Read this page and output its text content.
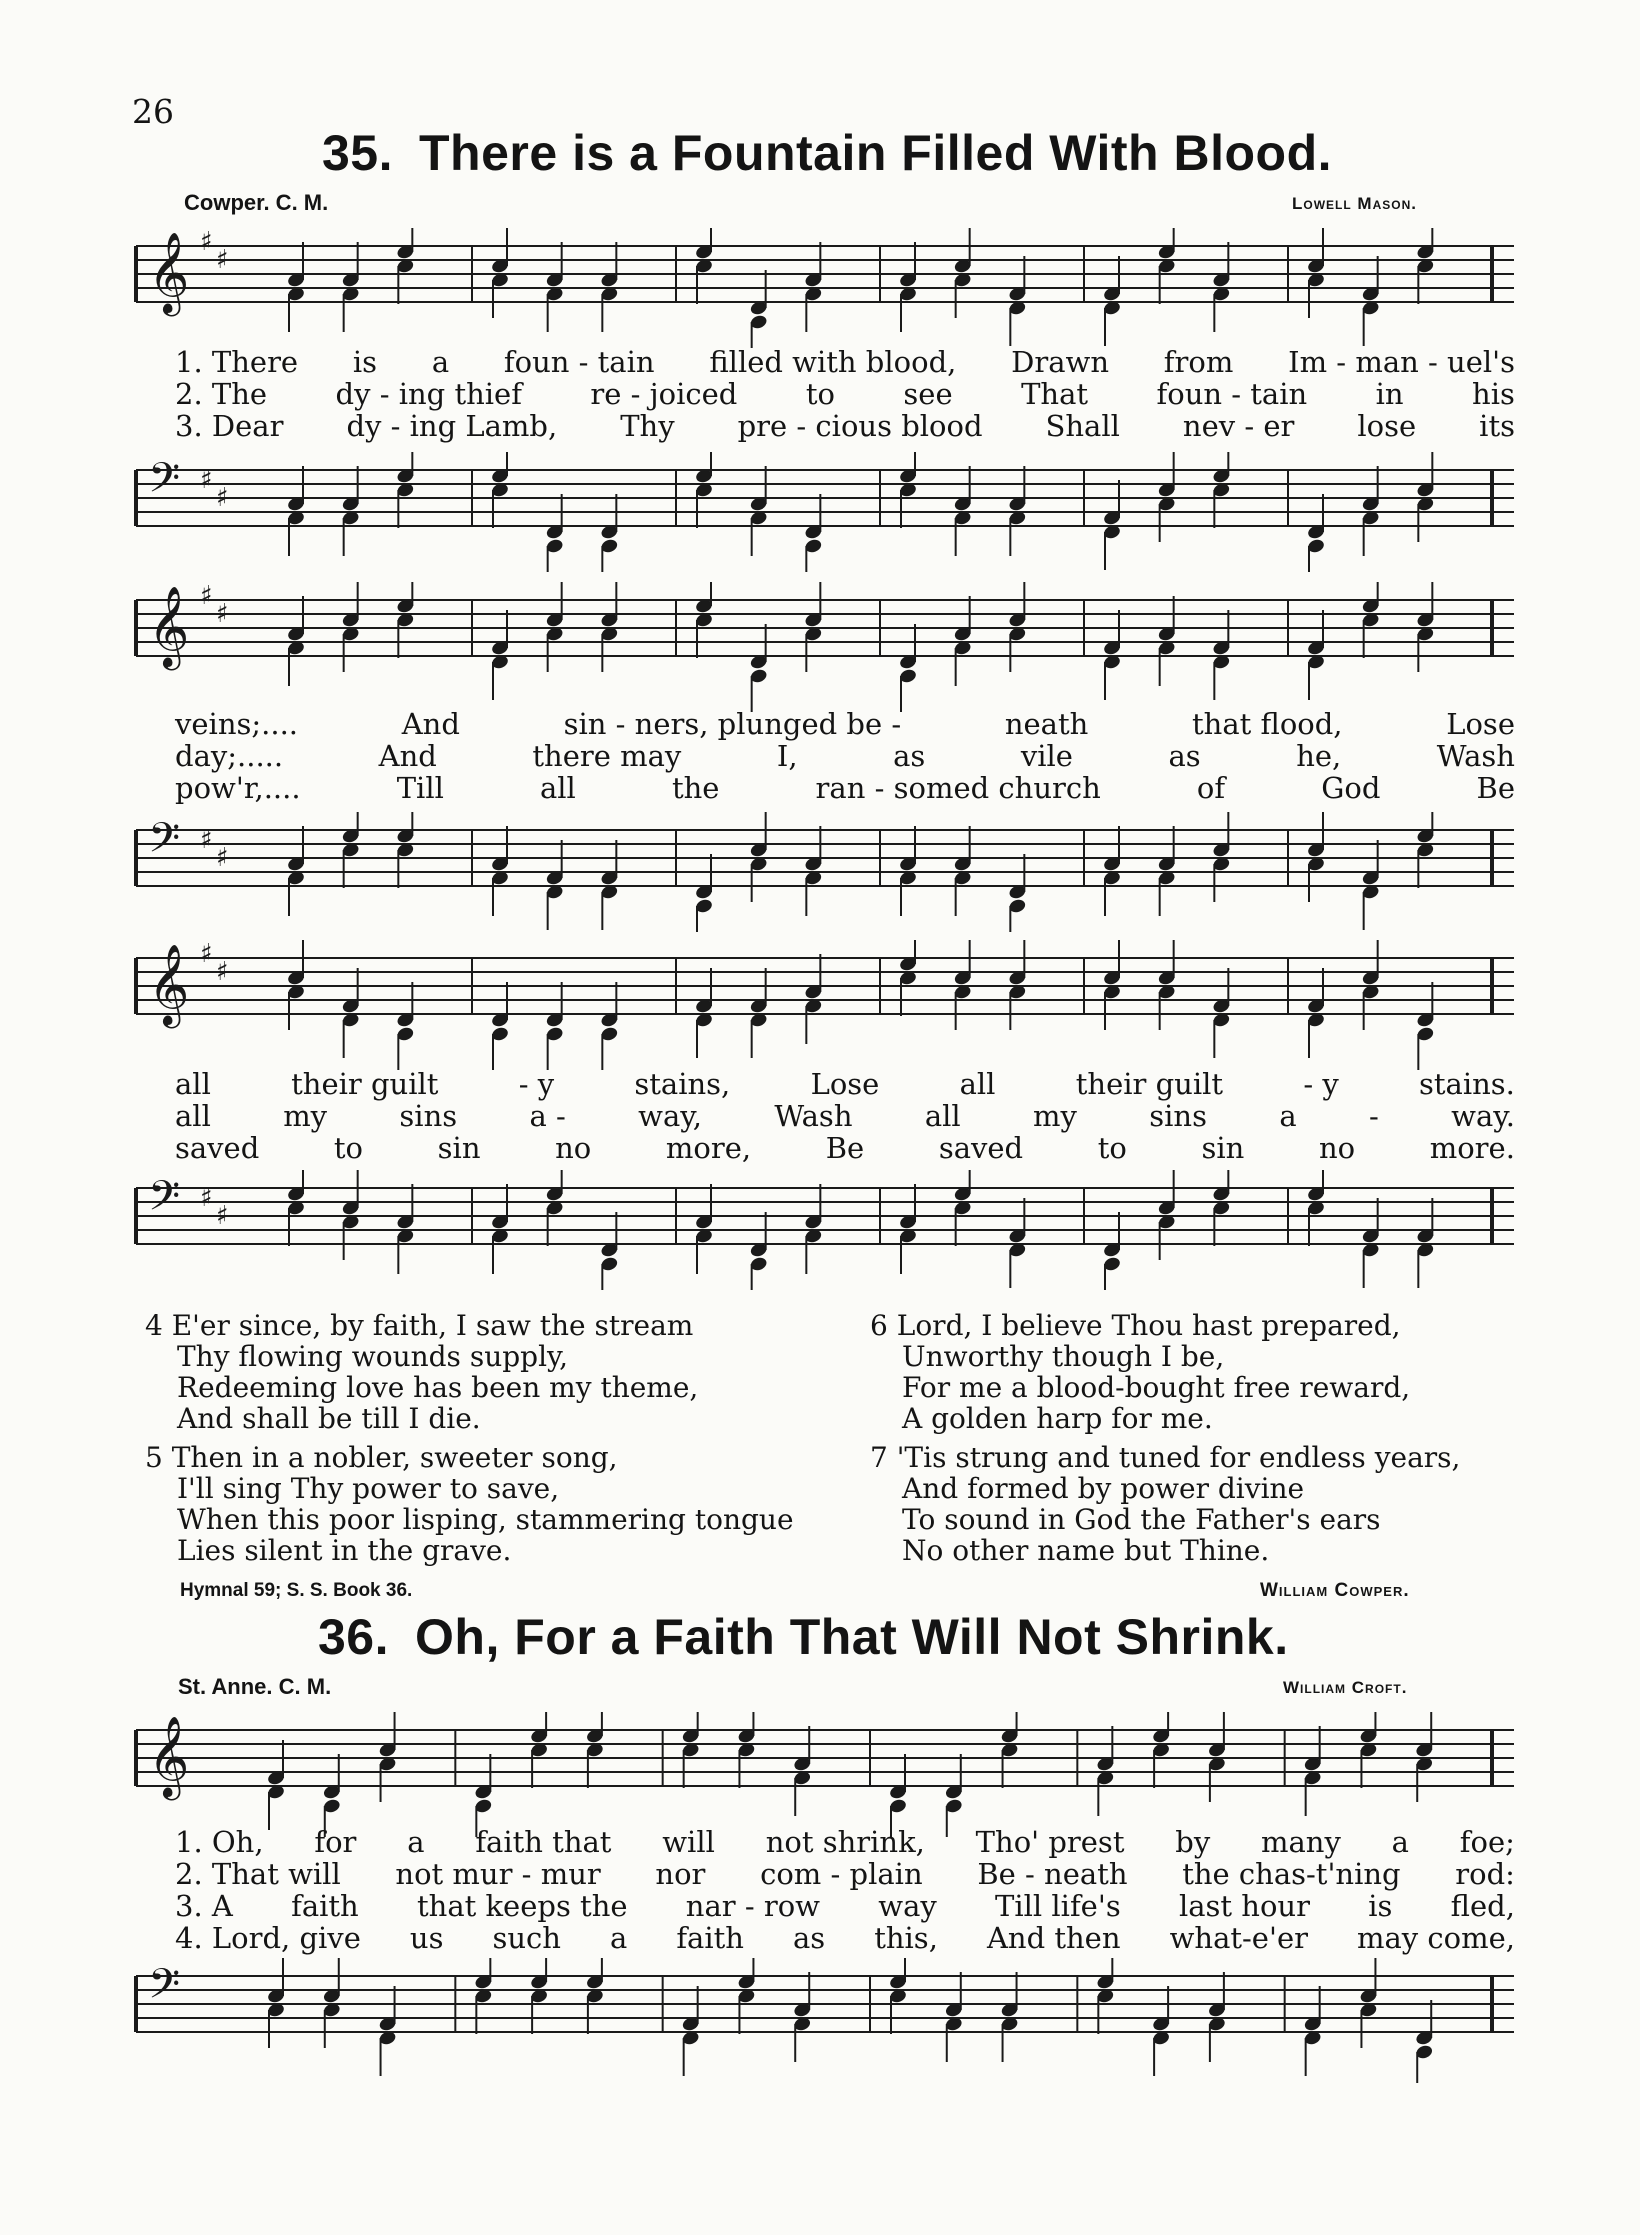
26
35. There is a Fountain Filled With Blood.
Cowper. C. M.	Lowell Mason.
𝄞 ♯
♯
1. There is a foun - tain filled with blood, Drawn from Im - man - uel's
2. The dy - ing thief re - joiced to see That foun - tain in his
3. Dear dy - ing Lamb, Thy pre - cious blood Shall nev - er lose its
𝄢 ♯
♯
𝄞 ♯
♯
veins;....	And	sin - ners, plunged be -	neath	that flood,	Lose
day;.....	And	there may	I,	as	vile	as	he,	Wash
pow'r,....	Till	all	the	ran - somed church	of	God	Be
𝄢 ♯
♯
𝄞 ♯
♯
all	their guilt	- y	stains,	Lose	all	their guilt	- y	stains.
all my sins a - way, Wash all my sins a - way.
saved	to	sin	no	more,	Be	saved	to	sin	no	more.
𝄢 ♯
♯
4 E'er since, by faith, I saw the stream
Thy flowing wounds supply,
Redeeming love has been my theme,
And shall be till I die.
5 Then in a nobler, sweeter song,
I'll sing Thy power to save,
When this poor lisping, stammering tongue
Lies silent in the grave.
6 Lord, I believe Thou hast prepared,
Unworthy though I be,
For me a blood-bought free reward,
A golden harp for me.
7 'Tis strung and tuned for endless years,
And formed by power divine
To sound in God the Father's ears
No other name but Thine.
Hymnal 59; S. S. Book 36.	William Cowper.
36. Oh, For a Faith That Will Not Shrink.
St. Anne. C. M.	William Croft.
𝄞
1. Oh, for a faith that will not shrink, Tho' prest by many a foe;
2. That will not mur - mur nor com - plain Be - neath the chas-t'ning rod:
3. A faith that keeps the nar - row way Till life's last hour is fled,
4. Lord, give us such a faith as this, And then what-e'er may come,
𝄢
